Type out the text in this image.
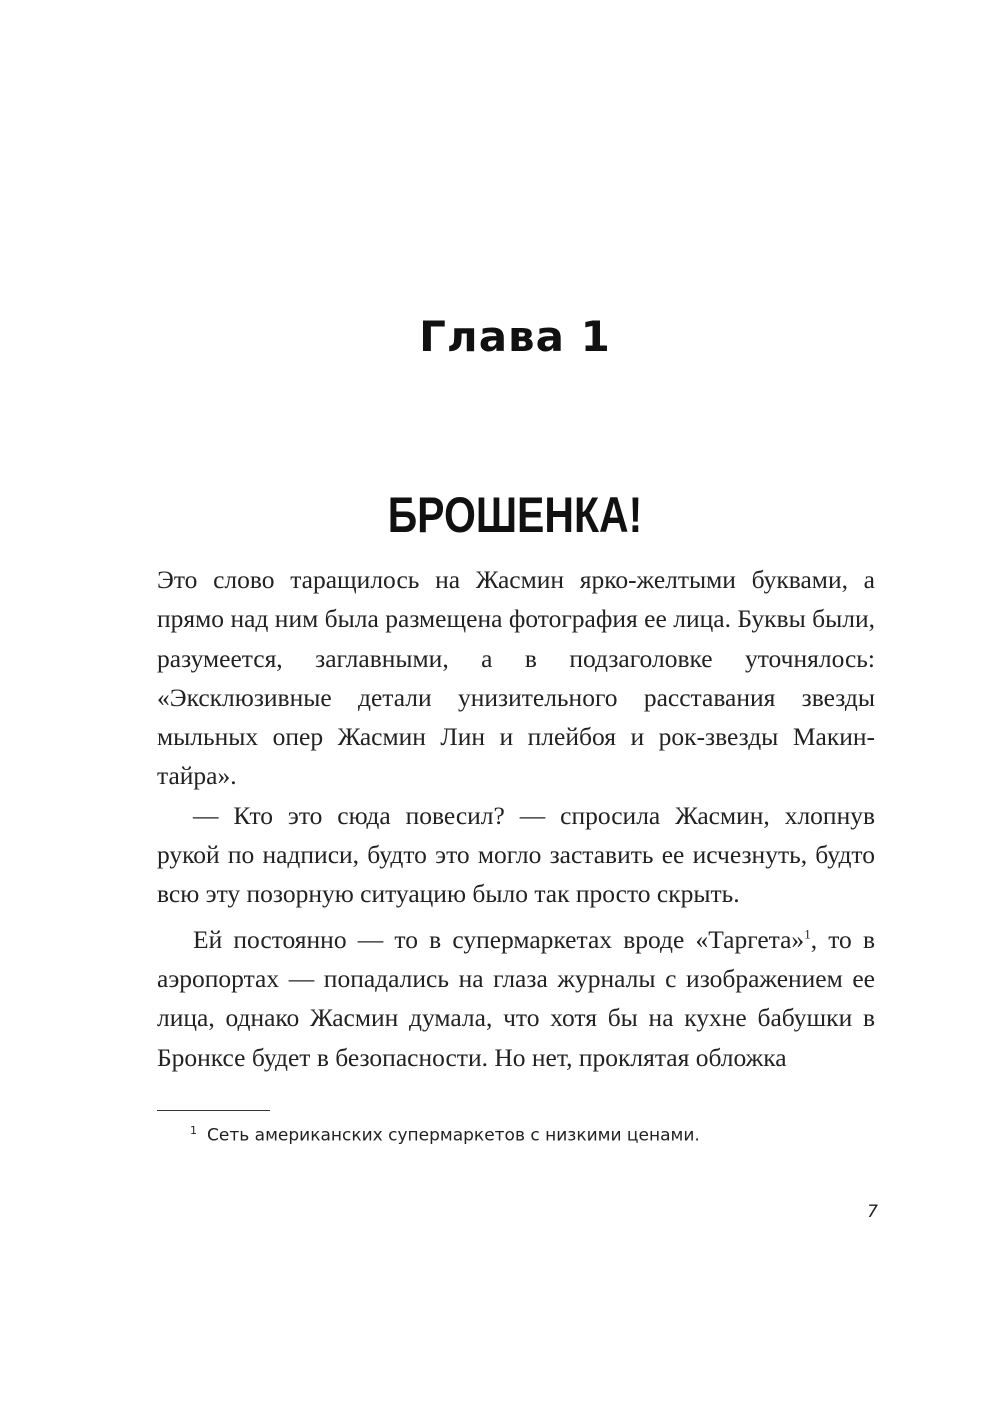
Глава 1
БРОШЕНКА!

Это слово таращилось на Жасмин ярко-желтыми буквами, а прямо над ним была размещена фотография ее лица. Буквы были, разумеется, заглавными, а в подзаголовке уточнялось: «Эксклюзивные детали унизительного расставания звезды мыльных опер Жасмин Лин и плейбоя и рок-звезды Макинтайра».

— Кто это сюда повесил? — спросила Жасмин, хлопнув рукой по надписи, будто это могло заставить ее исчезнуть, будто всю эту позорную ситуацию было так просто скрыть.

Ей постоянно — то в супермаркетах вроде «Таргета»$^1$, то в аэропортах — попадались на глаза журналы с изображением ее лица, однако Жасмин думала, что хотя бы на кухне бабушки в Бронксе будет в безопасности. Но нет, проклятая обложка

$^1$ Сеть американских супермаркетов с низкими ценами.
7
